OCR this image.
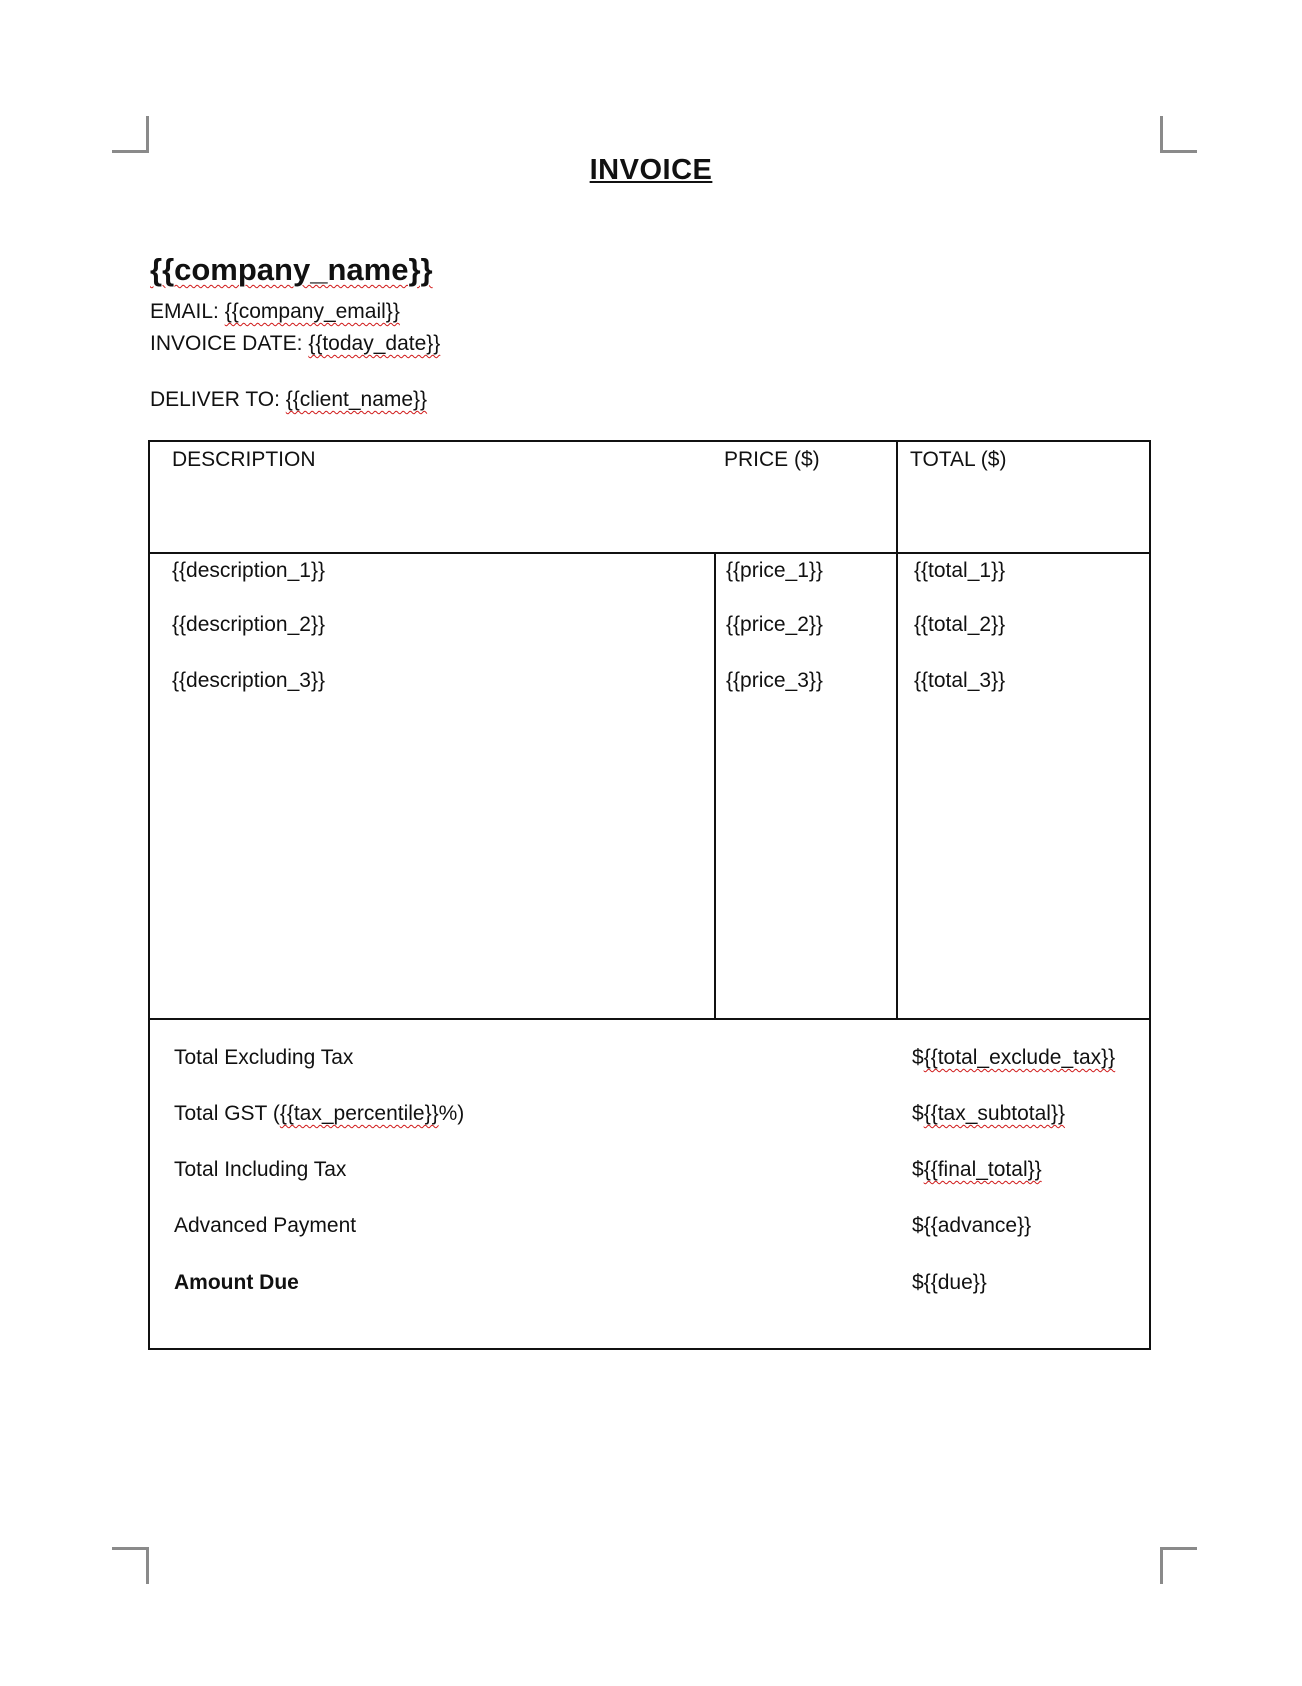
INVOICE
{{company_name}}
EMAIL: {{company_email}}
INVOICE DATE: {{today_date}}
DELIVER TO: {{client_name}}
DESCRIPTION	PRICE ($)	TOTAL ($)
{{description_1}}	{{price_1}}	{{total_1}}
{{description_2}}	{{price_2}}	{{total_2}}
{{description_3}}	{{price_3}}	{{total_3}}
Total Excluding Tax	${{total_exclude_tax}}
Total GST ({{tax_percentile}}%)	${{tax_subtotal}}
Total Including Tax	${{final_total}}
Advanced Payment	${{advance}}
Amount Due	${{due}}
